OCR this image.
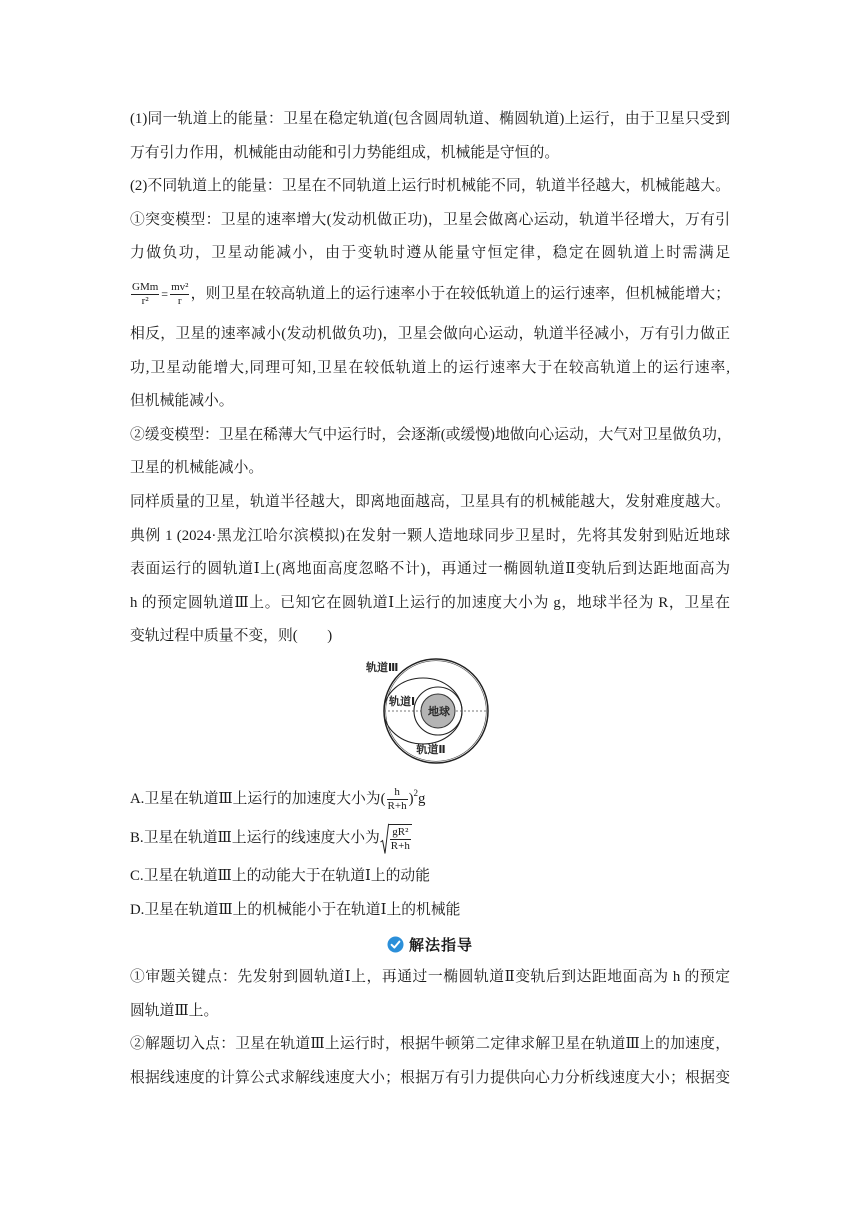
(1)同一轨道上的能量：卫星在稳定轨道(包含圆周轨道、椭圆轨道)上运行，由于卫星只受到
万有引力作用，机械能由动能和引力势能组成，机械能是守恒的。
(2)不同轨道上的能量：卫星在不同轨道上运行时机械能不同，轨道半径越大，机械能越大。
①突变模型：卫星的速率增大(发动机做正功)，卫星会做离心运动，轨道半径增大，万有引
力做负功，卫星动能减小，由于变轨时遵从能量守恒定律，稳定在圆轨道上时需满足
$\frac{\text{GMm}}{\text{r²}} = \frac{\text{mv²}}{r}$ ，则卫星在较高轨道上的运行速率小于在较低轨道上的运行速率，但机械能增大；
相反，卫星的速率减小(发动机做负功)，卫星会做向心运动，轨道半径减小，万有引力做正
功,卫星动能增大,同理可知,卫星在较低轨道上的运行速率大于在较高轨道上的运行速率,
但机械能减小。
②缓变模型：卫星在稀薄大气中运行时，会逐渐(或缓慢)地做向心运动，大气对卫星做负功，
卫星的机械能减小。
同样质量的卫星，轨道半径越大，即离地面越高，卫星具有的机械能越大，发射难度越大。
典例 1 (2024·黑龙江哈尔滨模拟)在发射一颗人造地球同步卫星时，先将其发射到贴近地球
表面运行的圆轨道Ⅰ上(离地面高度忽略不计)，再通过一椭圆轨道Ⅱ变轨后到达距地面高为
h 的预定圆轨道Ⅲ上。已知它在圆轨道Ⅰ上运行的加速度大小为 g，地球半径为 R，卫星在
变轨过程中质量不变，则(　　)
轨道Ⅲ
轨道Ⅰ
地球
轨道Ⅱ
A.卫星在轨道Ⅲ上运行的加速度大小为( $\frac{h}{R+h} )^2g$
B.卫星在轨道Ⅲ上运行的线速度大小为 $\frac{\text{gR²}}{R+h}$
C.卫星在轨道Ⅲ上的动能大于在轨道Ⅰ上的动能
D.卫星在轨道Ⅲ上的机械能小于在轨道Ⅰ上的机械能
解法指导
①审题关键点：先发射到圆轨道Ⅰ上，再通过一椭圆轨道Ⅱ变轨后到达距地面高为 h 的预定
圆轨道Ⅲ上。
②解题切入点：卫星在轨道Ⅲ上运行时，根据牛顿第二定律求解卫星在轨道Ⅲ上的加速度，
根据线速度的计算公式求解线速度大小；根据万有引力提供向心力分析线速度大小；根据变
